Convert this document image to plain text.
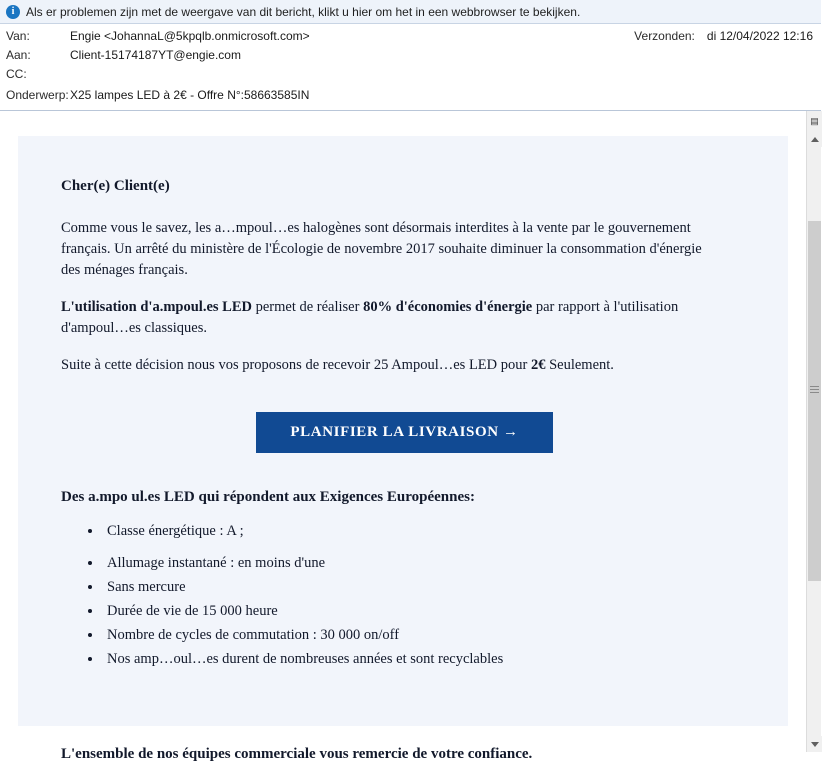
i Als er problemen zijn met de weergave van dit bericht, klikt u hier om het in een webbrowser te bekijken.
Verzonden: di 12/04/2022 12:16
Van:	Engie <JohannaL@5kpqlb.onmicrosoft.com>
Aan:	Client-15174187YT@engie.com
CC:
Onderwerp: X25 lampes LED à 2€ - Offre N°:58663585IN
Cher(e) Client(e)

Comme vous le savez, les a…mpoul…es halogènes sont désormais interdites à la vente par le gouvernement français. Un arrêté du ministère de l'Écologie de novembre 2017 souhaite diminuer la consommation d'énergie des ménages français.

L'utilisation d'a.mpoul.es LED permet de réaliser 80% d'économies d'énergie par rapport à l'utilisation d'ampoul…es classiques.

Suite à cette décision nous vos proposons de recevoir 25 Ampoul…es LED pour 2€ Seulement.

PLANIFIER LA LIVRAISON →
Des a.mpo ul.es LED qui répondent aux Exigences Européennes:
• Classe énergétique : A ;
• Allumage instantané : en moins d'une
• Sans mercure
• Durée de vie de 15 000 heure
• Nombre de cycles de commutation : 30 000 on/off
• Nos amp…oul…es durent de nombreuses années et sont recyclables
L'ensemble de nos équipes commerciale vous remercie de votre confiance.
▤
